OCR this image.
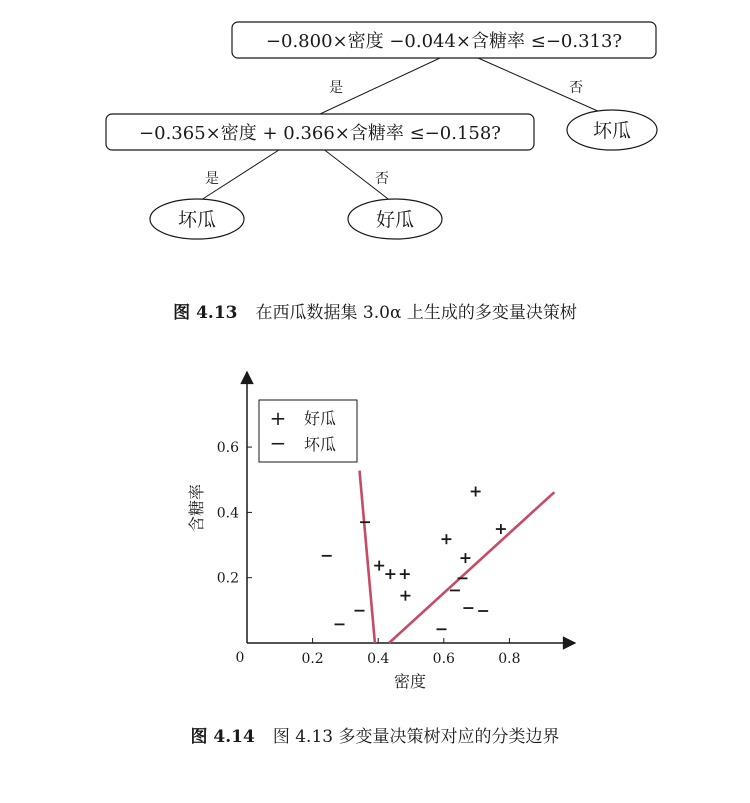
−0.800×密度 −0.044×含糖率 ≤−0.313?
是	否
坏瓜
−0.365×密度 + 0.366×含糖率 ≤−0.158?
是	否
坏瓜	好瓜
图 4.13 在西瓜数据集 3.0α 上生成的多变量决策树
0.2	0.4	0.6	0.8
0.2
0.4
0.6
+ 好瓜
− 坏瓜
密度
含糖率
0
图 4.14 图 4.13 多变量决策树对应的分类边界
